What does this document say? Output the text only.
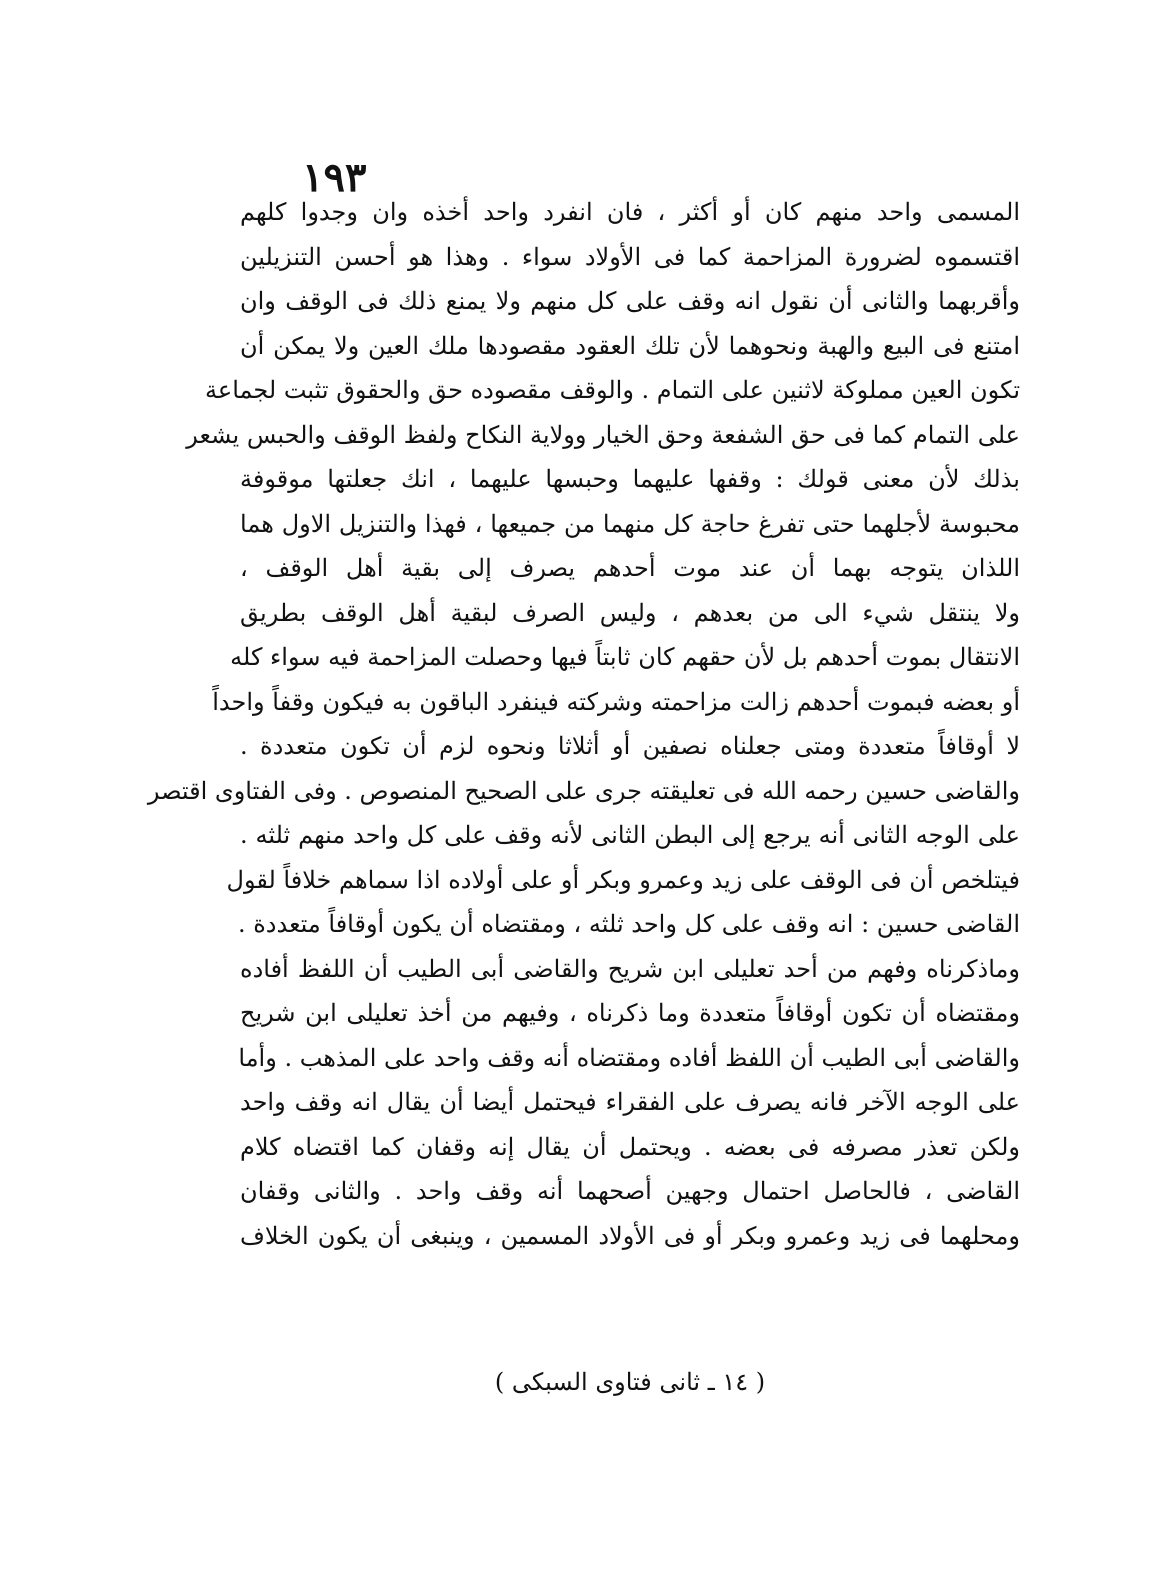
١٩٣
المسمى واحد منهم كان أو أكثر ، فان انفرد واحد أخذه وان وجدوا كلهم
اقتسموه لضرورة المزاحمة كما فى الأولاد سواء . وهذا هو أحسن التنزيلين
وأقربهما والثانى أن نقول انه وقف على كل منهم ولا يمنع ذلك فى الوقف وان
امتنع فى البيع والهبة ونحوهما لأن تلك العقود مقصودها ملك العين ولا يمكن أن
تكون العين مملوكة لاثنين على التمام . والوقف مقصوده حق والحقوق تثبت لجماعة
على التمام كما فى حق الشفعة وحق الخيار وولاية النكاح ولفظ الوقف والحبس يشعر
بذلك لأن معنى قولك : وقفها عليهما وحبسها عليهما ، انك جعلتها موقوفة
محبوسة لأجلهما حتى تفرغ حاجة كل منهما من جميعها ، فهذا والتنزيل الاول هما
اللذان يتوجه بهما أن عند موت أحدهم يصرف إلى بقية أهل الوقف ،
ولا ينتقل شيء الى من بعدهم ، وليس الصرف لبقية أهل الوقف بطريق
الانتقال بموت أحدهم بل لأن حقهم كان ثابتاً فيها وحصلت المزاحمة فيه سواء كله
أو بعضه فبموت أحدهم زالت مزاحمته وشركته فينفرد الباقون به فيكون وقفاً واحداً
لا أوقافاً متعددة ومتى جعلناه نصفين أو أثلاثا ونحوه لزم أن تكون متعددة .
والقاضى حسين رحمه الله فى تعليقته جرى على الصحيح المنصوص . وفى الفتاوى اقتصر
على الوجه الثانى أنه يرجع إلى البطن الثانى لأنه وقف على كل واحد منهم ثلثه .
فيتلخص أن فى الوقف على زيد وعمرو وبكر أو على أولاده اذا سماهم خلافاً لقول
القاضى حسين : انه وقف على كل واحد ثلثه ، ومقتضاه أن يكون أوقافاً متعددة .
وماذكرناه وفهم من أحد تعليلى ابن شريح والقاضى أبى الطيب أن اللفظ أفاده
ومقتضاه أن تكون أوقافاً متعددة وما ذكرناه ، وفيهم من أخذ تعليلى ابن شريح
والقاضى أبى الطيب أن اللفظ أفاده ومقتضاه أنه وقف واحد على المذهب . وأما
على الوجه الآخر فانه يصرف على الفقراء فيحتمل أيضا أن يقال انه وقف واحد
ولكن تعذر مصرفه فى بعضه . ويحتمل أن يقال إنه وقفان كما اقتضاه كلام
القاضى ، فالحاصل احتمال وجهين أصحهما أنه وقف واحد . والثانى وقفان
ومحلهما فى زيد وعمرو وبكر أو فى الأولاد المسمين ، وينبغى أن يكون الخلاف
( ١٤ ـ ثانى فتاوى السبكى )
